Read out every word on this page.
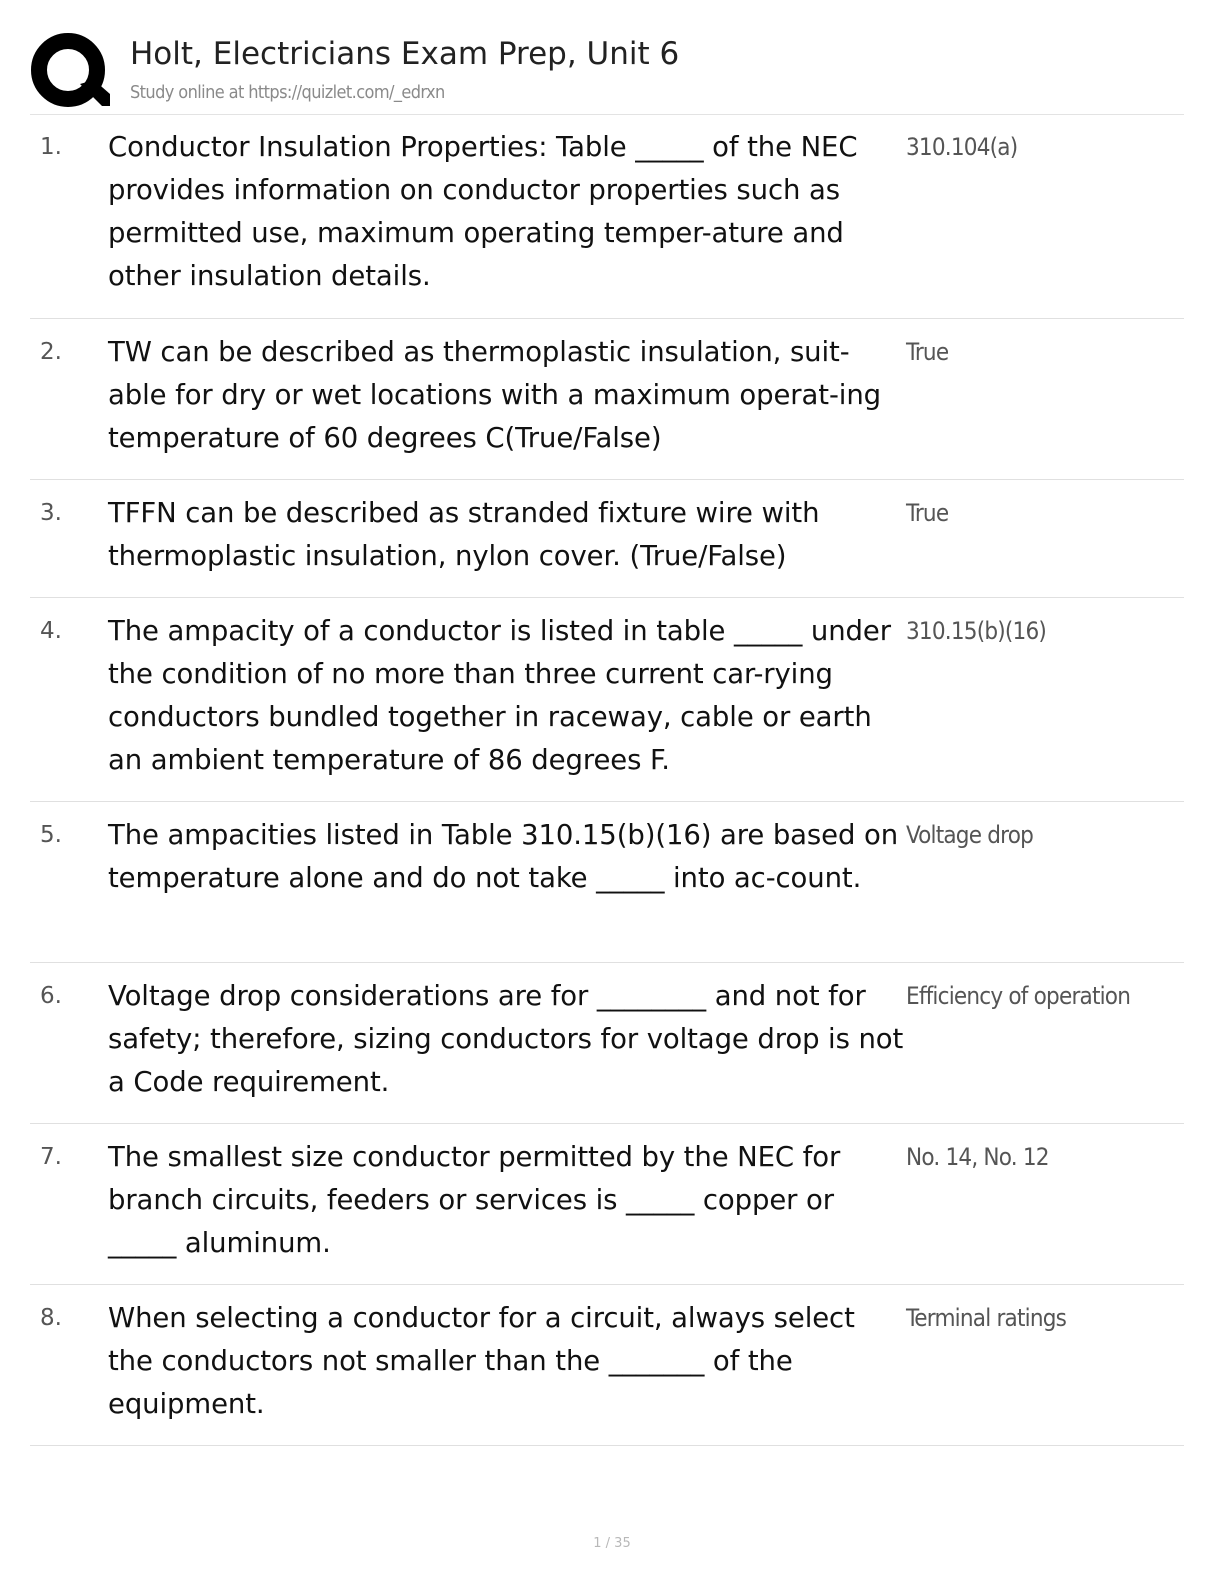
Holt, Electricians Exam Prep, Unit 6
Study online at https://quizlet.com/_edrxn
1. Conductor Insulation Properties: Table _____ of the NEC provides information on conductor properties such as permitted use, maximum operating temper-ature and other insulation details.
310.104(a)
2. TW can be described as thermoplastic insulation, suit-able for dry or wet locations with a maximum operat-ing temperature of 60 degrees C(True/False)
True
3. TFFN can be described as stranded fixture wire with thermoplastic insulation, nylon cover. (True/False)
True
4. The ampacity of a conductor is listed in table _____ under the condition of no more than three current car-rying conductors bundled together in raceway, cable or earth an ambient temperature of 86 degrees F.
310.15(b)(16)
5. The ampacities listed in Table 310.15(b)(16) are based on temperature alone and do not take _____ into ac-count.
Voltage drop
6. Voltage drop considerations are for ________ and not for safety; therefore, sizing conductors for voltage drop is not a Code requirement.
Efficiency of operation
7. The smallest size conductor permitted by the NEC for branch circuits, feeders or services is _____ copper or _____ aluminum.
No. 14, No. 12
8. When selecting a conductor for a circuit, always select the conductors not smaller than the _______ of the equipment.
Terminal ratings
1 / 35
